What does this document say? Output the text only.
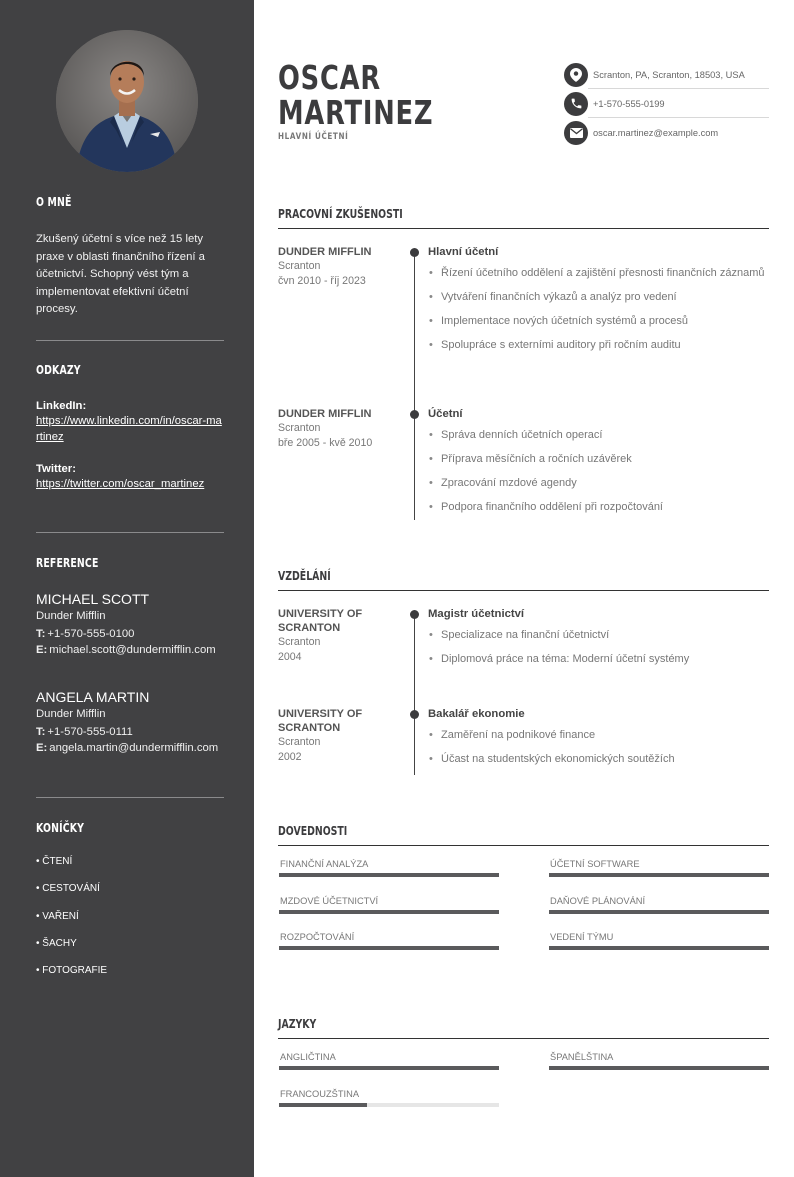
O MNĚ
Zkušený účetní s více než 15 lety praxe v oblasti finančního řízení a účetnictví. Schopný vést tým a implementovat efektivní účetní procesy.
ODKAZY
LinkedIn:
https://www.linkedin.com/in/oscar-martinez
Twitter:
https://twitter.com/oscar_martinez
REFERENCE
MICHAEL SCOTT
Dunder Mifflin
T: +1-570-555-0100
E: michael.scott@dundermifflin.com
ANGELA MARTIN
Dunder Mifflin
T: +1-570-555-0111
E: angela.martin@dundermifflin.com
KONÍČKY
• ČTENÍ
• CESTOVÁNÍ
• VAŘENÍ
• ŠACHY
• FOTOGRAFIE
OSCAR
MARTINEZ
HLAVNÍ ÚČETNÍ
Scranton, PA, Scranton, 18503, USA
+1-570-555-0199
oscar.martinez@example.com
PRACOVNÍ ZKUŠENOSTI
DUNDER MIFFLIN
Scranton
čvn 2010 - říj 2023
Hlavní účetní
• Řízení účetního oddělení a zajištění přesnosti finančních záznamů
• Vytváření finančních výkazů a analýz pro vedení
• Implementace nových účetních systémů a procesů
• Spolupráce s externími auditory při ročním auditu
DUNDER MIFFLIN
Scranton
bře 2005 - kvě 2010
Účetní
• Správa denních účetních operací
• Příprava měsíčních a ročních uzávěrek
• Zpracování mzdové agendy
• Podpora finančního oddělení při rozpočtování
VZDĚLÁNÍ
UNIVERSITY OF SCRANTON
Scranton
2004
Magistr účetnictví
• Specializace na finanční účetnictví
• Diplomová práce na téma: Moderní účetní systémy
UNIVERSITY OF SCRANTON
Scranton
2002
Bakalář ekonomie
• Zaměření na podnikové finance
• Účast na studentských ekonomických soutěžích
DOVEDNOSTI
FINANČNÍ ANALÝZA	ÚČETNÍ SOFTWARE
MZDOVÉ ÚČETNICTVÍ	DAŇOVÉ PLÁNOVÁNÍ
ROZPOČTOVÁNÍ	VEDENÍ TÝMU
JAZYKY
ANGLIČTINA	ŠPANĚLŠTINA
FRANCOUZŠTINA
